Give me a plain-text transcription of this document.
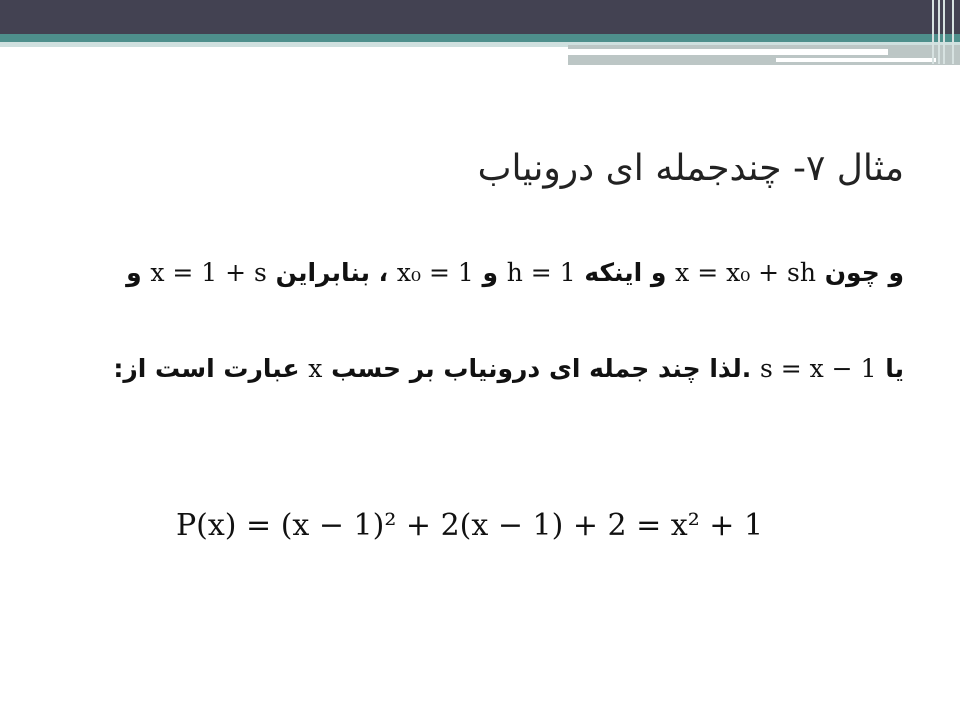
مثال ۷- چندجمله ای درونیاب
و چون x = x₀ + sh و اینکه h = 1 و x₀ = 1 ، بنابراین x = 1 + s و
یا s = x − 1 .لذا چند جمله ای درونیاب بر حسب x عبارت است از:
P(x) = (x − 1)² + 2(x − 1) + 2 = x² + 1
